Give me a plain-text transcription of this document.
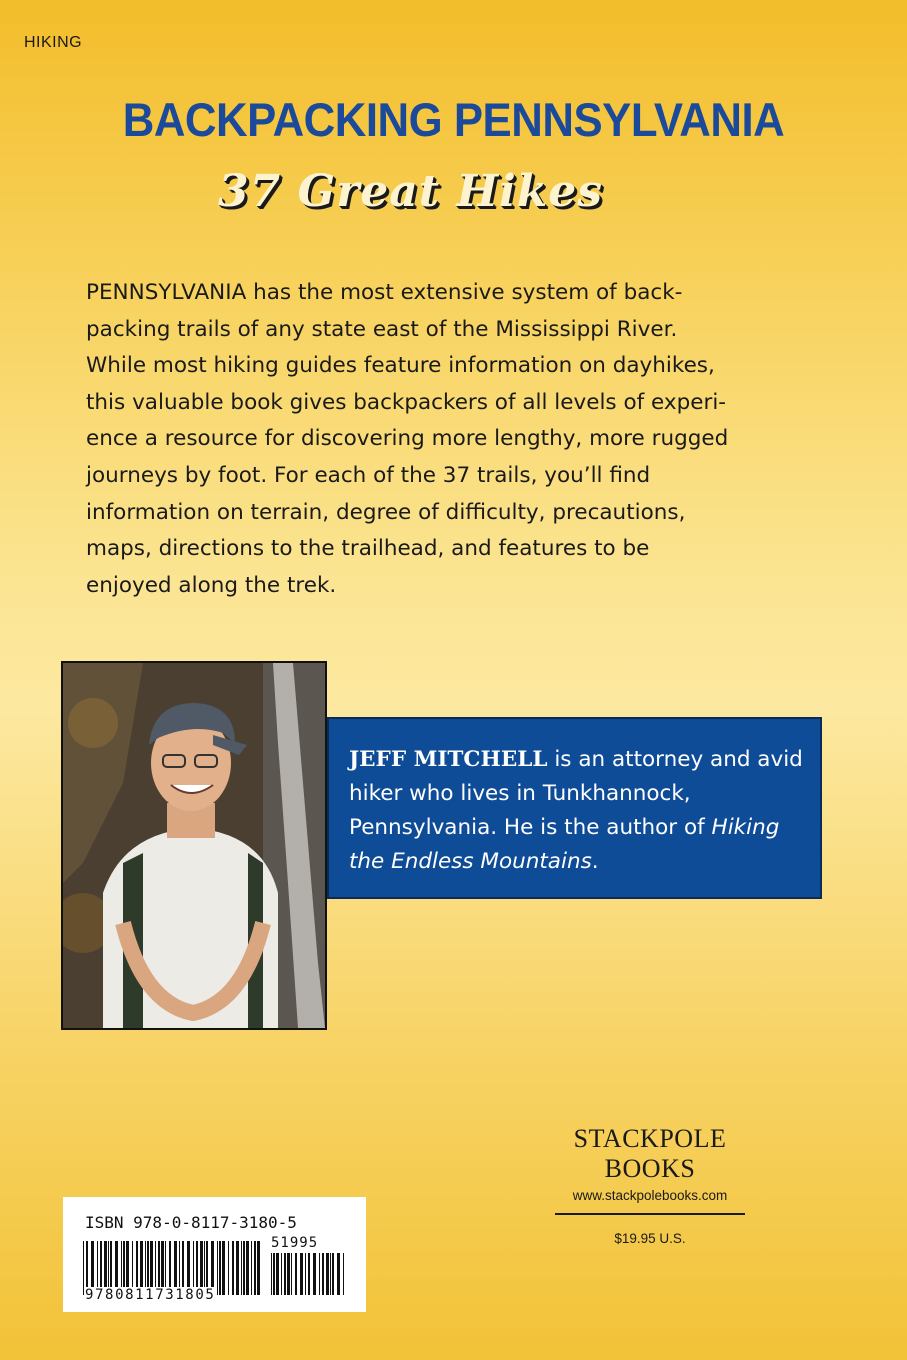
HIKING
BACKPACKING PENNSYLVANIA
37 Great Hikes
PENNSYLVANIA has the most extensive system of back-
packing trails of any state east of the Mississippi River.
While most hiking guides feature information on dayhikes,
this valuable book gives backpackers of all levels of experi-
ence a resource for discovering more lengthy, more rugged
journeys by foot. For each of the 37 trails, you’ll find
information on terrain, degree of difficulty, precautions,
maps, directions to the trailhead, and features to be
enjoyed along the trek.
JEFF MITCHELL is an attorney and avid hiker who lives in Tunkhannock, Pennsylvania. He is the author of Hiking the Endless Mountains.
STACKPOLE
BOOKS
www.stackpolebooks.com
$19.95 U.S.
ISBN 978-0-8117-3180-5
51995
9780811731805
